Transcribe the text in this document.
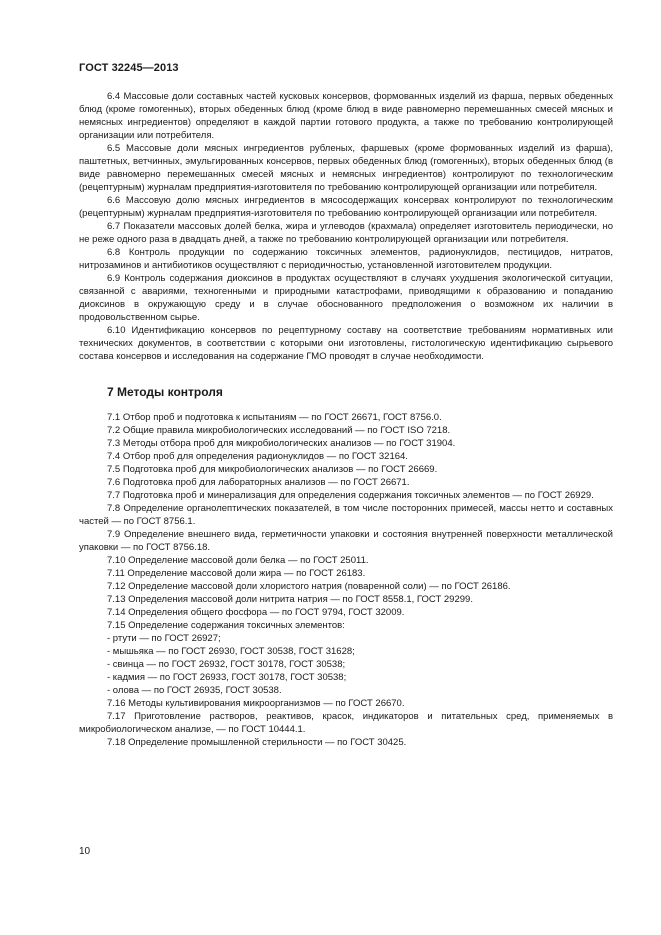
ГОСТ 32245—2013

6.4 Массовые доли составных частей кусковых консервов, формованных изделий из фарша, первых обеденных блюд (кроме гомогенных), вторых обеденных блюд (кроме блюд в виде равномерно перемешанных смесей мясных и немясных ингредиентов) определяют в каждой партии готового продукта, а также по требованию контролирующей организации или потребителя.

6.5 Массовые доли мясных ингредиентов рубленых, фаршевых (кроме формованных изделий из фарша), паштетных, ветчинных, эмульгированных консервов, первых обеденных блюд (гомогенных), вторых обеденных блюд (в виде равномерно перемешанных смесей мясных и немясных ингредиентов) контролируют по технологическим (рецептурным) журналам предприятия-изготовителя по требованию контролирующей организации или потребителя.

6.6 Массовую долю мясных ингредиентов в мясосодержащих консервах контролируют по технологическим (рецептурным) журналам предприятия-изготовителя по требованию контролирующей организации или потребителя.

6.7 Показатели массовых долей белка, жира и углеводов (крахмала) определяет изготовитель периодически, но не реже одного раза в двадцать дней, а также по требованию контролирующей организации или потребителя.

6.8 Контроль продукции по содержанию токсичных элементов, радионуклидов, пестицидов, нитратов, нитрозаминов и антибиотиков осуществляют с периодичностью, установленной изготовителем продукции.

6.9 Контроль содержания диоксинов в продуктах осуществляют в случаях ухудшения экологической ситуации, связанной с авариями, техногенными и природными катастрофами, приводящими к образованию и попаданию диоксинов в окружающую среду и в случае обоснованного предположения о возможном их наличии в продовольственном сырье.

6.10 Идентификацию консервов по рецептурному составу на соответствие требованиям нормативных или технических документов, в соответствии с которыми они изготовлены, гистологическую идентификацию сырьевого состава консервов и исследования на содержание ГМО проводят в случае необходимости.

7 Методы контроля

7.1 Отбор проб и подготовка к испытаниям — по ГОСТ 26671, ГОСТ 8756.0.

7.2 Общие правила микробиологических исследований — по ГОСТ ISO 7218.

7.3 Методы отбора проб для микробиологических анализов — по ГОСТ 31904.

7.4 Отбор проб для определения радионуклидов — по ГОСТ 32164.

7.5 Подготовка проб для микробиологических анализов — по ГОСТ 26669.

7.6 Подготовка проб для лабораторных анализов — по ГОСТ 26671.

7.7 Подготовка проб и минерализация для определения содержания токсичных элементов — по ГОСТ 26929.

7.8 Определение органолептических показателей, в том числе посторонних примесей, массы нетто и составных частей — по ГОСТ 8756.1.

7.9 Определение внешнего вида, герметичности упаковки и состояния внутренней поверхности металлической упаковки — по ГОСТ 8756.18.

7.10 Определение массовой доли белка — по ГОСТ 25011.

7.11 Определение массовой доли жира — по ГОСТ 26183.

7.12 Определение массовой доли хлористого натрия (поваренной соли) — по ГОСТ 26186.

7.13 Определения массовой доли нитрита натрия — по ГОСТ 8558.1, ГОСТ 29299.

7.14 Определения общего фосфора — по ГОСТ 9794, ГОСТ 32009.

7.15 Определение содержания токсичных элементов:

- ртути — по ГОСТ 26927;

- мышьяка — по ГОСТ 26930, ГОСТ 30538, ГОСТ 31628;

- свинца — по ГОСТ 26932, ГОСТ 30178, ГОСТ 30538;

- кадмия — по ГОСТ 26933, ГОСТ 30178, ГОСТ 30538;

- олова — по ГОСТ 26935, ГОСТ 30538.

7.16 Методы культивирования микроорганизмов — по ГОСТ 26670.

7.17 Приготовление растворов, реактивов, красок, индикаторов и питательных сред, применяемых в микробиологическом анализе, — по ГОСТ 10444.1.

7.18 Определение промышленной стерильности — по ГОСТ 30425.

10
